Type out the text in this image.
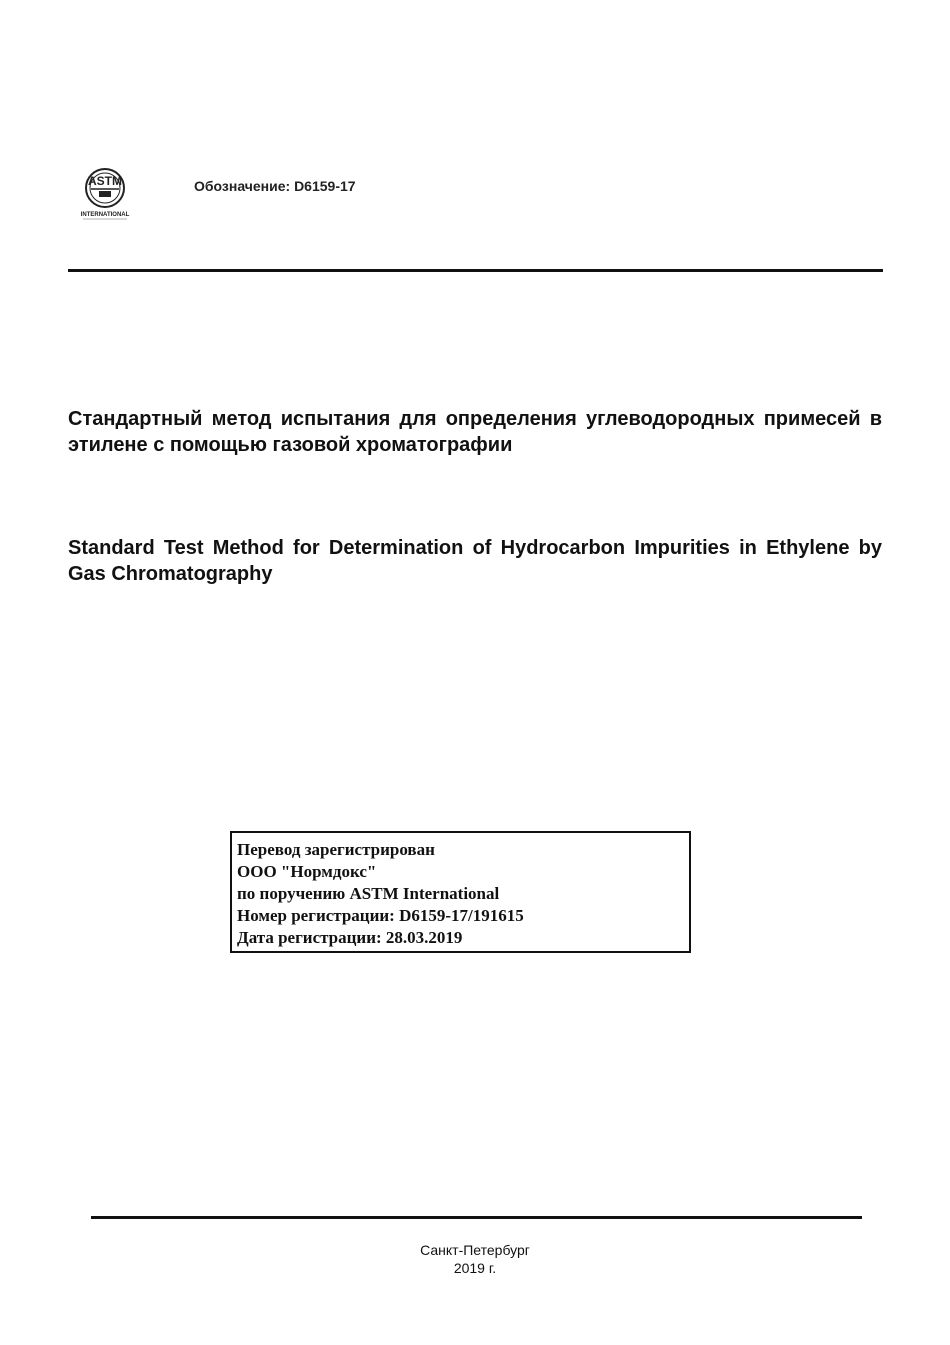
ASTM
INTERNATIONAL
Обозначение: D6159-17
Стандартный метод испытания для определения углеводородных примесей в этилене с помощью газовой хроматографии
Standard Test Method for Determination of Hydrocarbon Impurities in Ethylene by Gas Chromatography
Перевод зарегистрирован
ООО "Нормдокс"
по поручению ASTM International
Номер регистрации: D6159-17/191615
Дата регистрации: 28.03.2019
Санкт-Петербург
2019 г.
